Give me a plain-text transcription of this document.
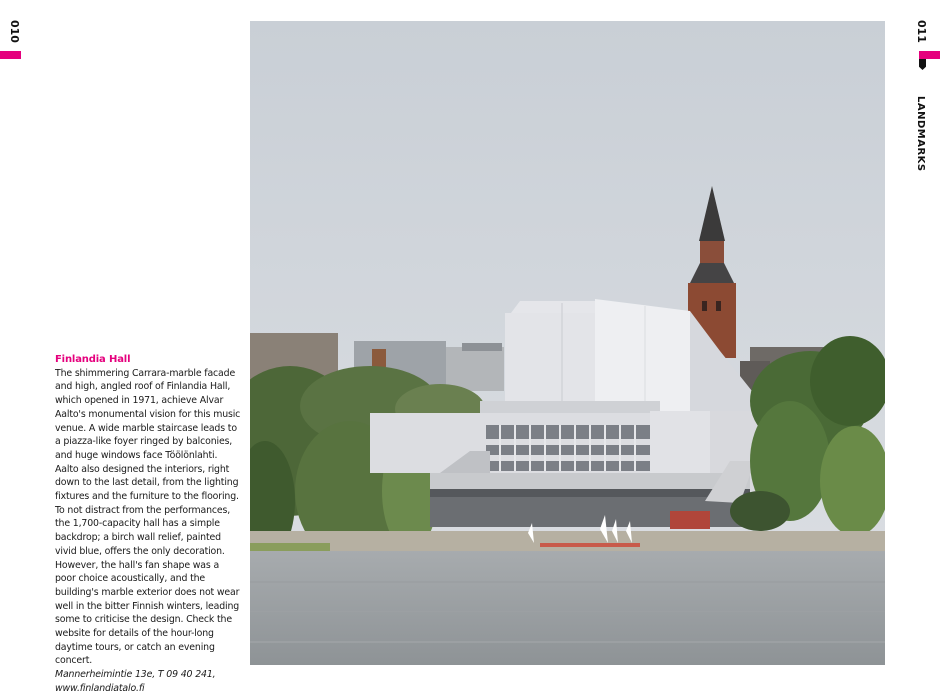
010	011
LANDMARKS

Finlandia Hall

The shimmering Carrara-marble facade and high, angled roof of Finlandia Hall, which opened in 1971, achieve Alvar Aalto's monumental vision for this music venue. A wide marble staircase leads to a piazza-like foyer ringed by balconies, and huge windows face Töölönlahti. Aalto also designed the interiors, right down to the last detail, from the lighting fixtures and the furniture to the flooring. To not distract from the performances, the 1,700-capacity hall has a simple backdrop; a birch wall relief, painted vivid blue, offers the only decoration. However, the hall's fan shape was a poor choice acoustically, and the building's marble exterior does not wear well in the bitter Finnish winters, leading some to criticise the design. Check the website for details of the hour-long daytime tours, or catch an evening concert.

Mannerheimintie 13e, T 09 40 241,

www.finlandiatalo.fi
